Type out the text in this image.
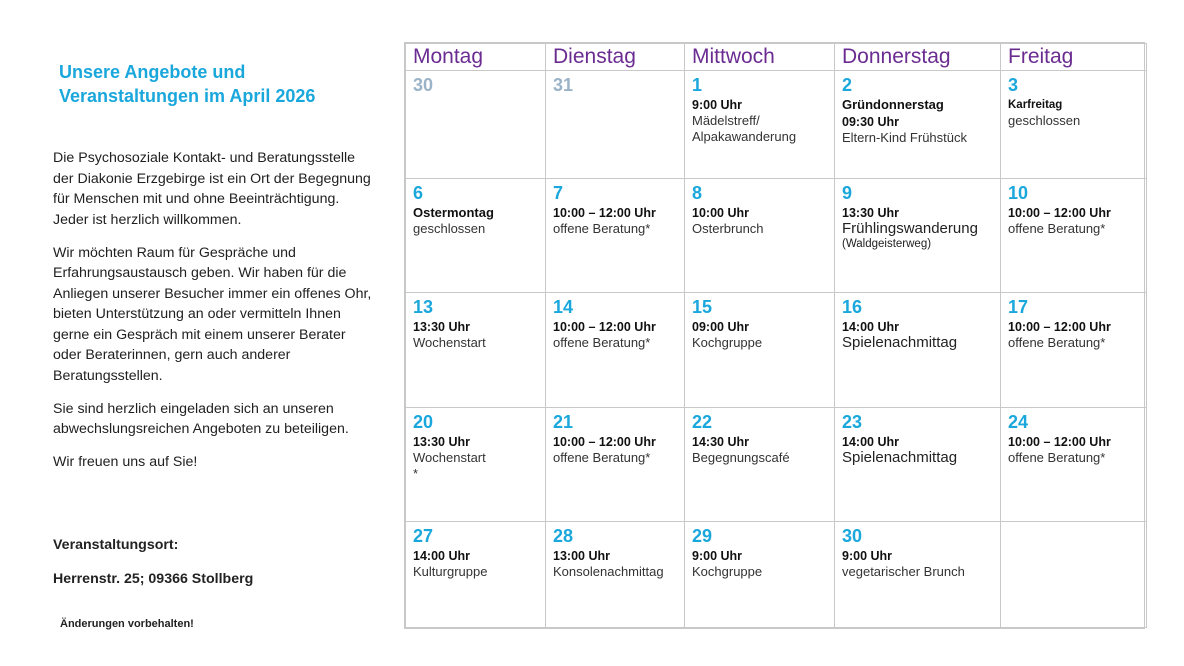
Unsere Angebote und
Veranstaltungen im April 2026

Die Psychosoziale Kontakt- und Beratungsstelle der Diakonie Erzgebirge ist ein Ort der Begegnung für Menschen mit und ohne Beeinträchtigung. Jeder ist herzlich willkommen.

Wir möchten Raum für Gespräche und Erfahrungsaustausch geben. Wir haben für die Anliegen unserer Besucher immer ein offenes Ohr, bieten Unterstützung an oder vermitteln Ihnen gerne ein Gespräch mit einem unserer Berater oder Beraterinnen, gern auch anderer Beratungsstellen.

Sie sind herzlich eingeladen sich an unseren abwechslungsreichen Angeboten zu beteiligen.

Wir freuen uns auf Sie!

Veranstaltungsort:
Herrenstr. 25; 09366 Stollberg
Änderungen vorbehalten!
Montag	Dienstag	Mittwoch	Donnerstag	Freitag

30	31	1
9:00 Uhr
Mädelstreff/
Alpakawanderung	2
Gründonnerstag
09:30 Uhr
Eltern-Kind Frühstück	3
Karfreitag
geschlossen

6
Ostermontag
geschlossen	7
10:00 – 12:00 Uhr
offene Beratung*	8
10:00 Uhr
Osterbrunch	9
13:30 Uhr
Frühlingswanderung
(Waldgeisterweg)	10
10:00 – 12:00 Uhr
offene Beratung*

13
13:30 Uhr
Wochenstart	14
10:00 – 12:00 Uhr
offene Beratung*	15
09:00 Uhr
Kochgruppe	16
14:00 Uhr
Spielenachmittag	17
10:00 – 12:00 Uhr
offene Beratung*

20
13:30 Uhr
Wochenstart
*	21
10:00 – 12:00 Uhr
offene Beratung*	22
14:30 Uhr
Begegnungscafé	23
14:00 Uhr
Spielenachmittag	24
10:00 – 12:00 Uhr
offene Beratung*

27
14:00 Uhr
Kulturgruppe	28
13:00 Uhr
Konsolenachmittag	29
9:00 Uhr
Kochgruppe	30
9:00 Uhr
vegetarischer Brunch	
